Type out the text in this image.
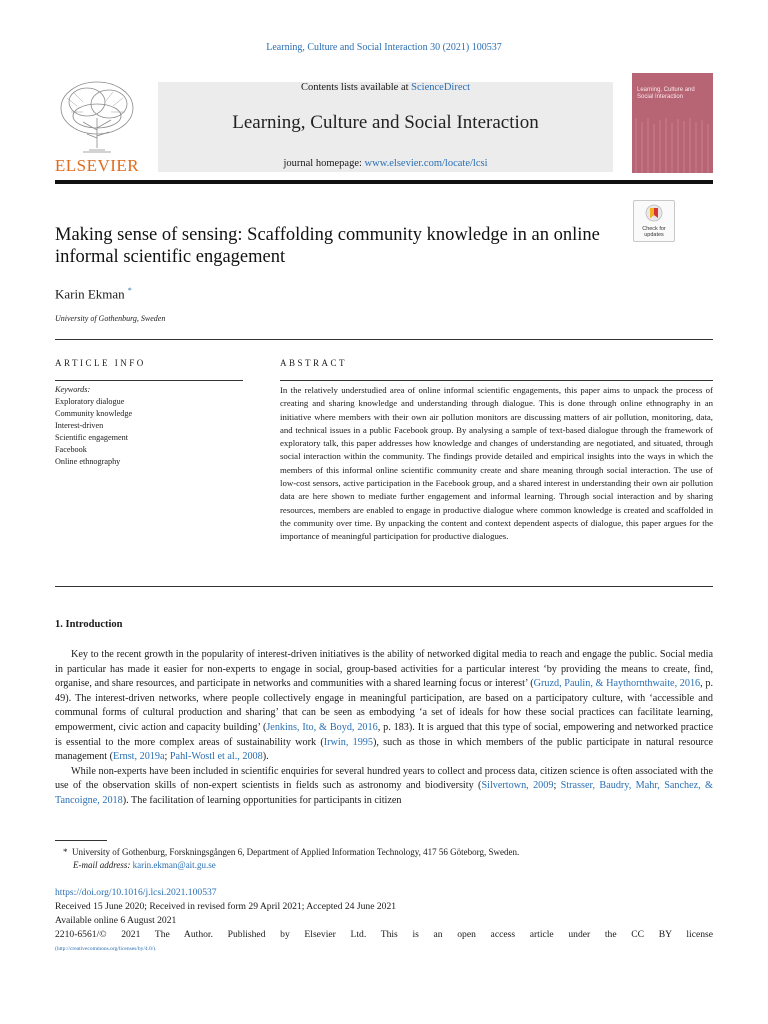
Learning, Culture and Social Interaction 30 (2021) 100537
ELSEVIER
Contents lists available at ScienceDirect
Learning, Culture and Social Interaction
journal homepage: www.elsevier.com/locate/lcsi
Learning, Culture and Social Interaction
Check for updates
Making sense of sensing: Scaffolding community knowledge in an online informal scientific engagement
Karin Ekman *
University of Gothenburg, Sweden
ARTICLE INFO	ABSTRACT
Keywords:
Exploratory dialogue
Community knowledge
Interest-driven
Scientific engagement
Facebook
Online ethnography
In the relatively understudied area of online informal scientific engagements, this paper aims to unpack the process of creating and sharing knowledge and understanding through dialogue. This is done through online ethnography in an initiative where members with their own air pollution monitors are discussing matters of air pollution, monitoring, data, and technical issues in a public Facebook group. By analysing a sample of text-based dialogue through the framework of exploratory talk, this paper addresses how knowledge and changes of understanding are negotiated, and situated, through social interaction within the community. The findings provide detailed and empirical insights into the ways in which the members of this informal online scientific community create and share meaning through social interaction. The use of low-cost sensors, active participation in the Facebook group, and a shared interest in understanding their own air pollution data are here shown to mediate further engagement and informal learning. Through social interaction and by sharing resources, members are enabled to engage in productive dialogue where common knowledge is created and scaffolded in the community over time. By unpacking the content and context dependent aspects of dialogue, this paper argues for the importance of meaningful participation for productive dialogues.
1. Introduction

Key to the recent growth in the popularity of interest-driven initiatives is the ability of networked digital media to reach and engage the public. Social media in particular has made it easier for non-experts to engage in social, group-based activities for a particular interest ‘by providing the means to create, find, organise, and share resources, and participate in networks and communities with a shared learning focus or interest’ (Gruzd, Paulin, & Haythornthwaite, 2016, p. 49). The interest-driven networks, where people collectively engage in meaningful participation, are based on a participatory culture, with ‘accessible and communal forms of cultural production and sharing’ that can be seen as embodying ‘a set of ideals for how these social practices can facilitate learning, empowerment, civic action and capacity building’ (Jenkins, Ito, & Boyd, 2016, p. 183). It is argued that this type of social, empowering and networked practice is essential to the more complex areas of sustainability work (Irwin, 1995), such as those in which members of the public participate in natural resource management (Ernst, 2019a; Pahl-Wostl et al., 2008).

While non-experts have been included in scientific enquiries for several hundred years to collect and process data, citizen science is often associated with the use of the observation skills of non-expert scientists in fields such as astronomy and biodiversity (Silvertown, 2009; Strasser, Baudry, Mahr, Sanchez, & Tancoigne, 2018). The facilitation of learning opportunities for participants in citizen

* University of Gothenburg, Forskningsgången 6, Department of Applied Information Technology, 417 56 Göteborg, Sweden.
E-mail address: karin.ekman@ait.gu.se
https://doi.org/10.1016/j.lcsi.2021.100537
Received 15 June 2020; Received in revised form 29 April 2021; Accepted 24 June 2021
Available online 6 August 2021
2210-6561/© 2021 The Author. Published by Elsevier Ltd. This is an open access article under the CC BY license
(http://creativecommons.org/licenses/by/4.0/).
